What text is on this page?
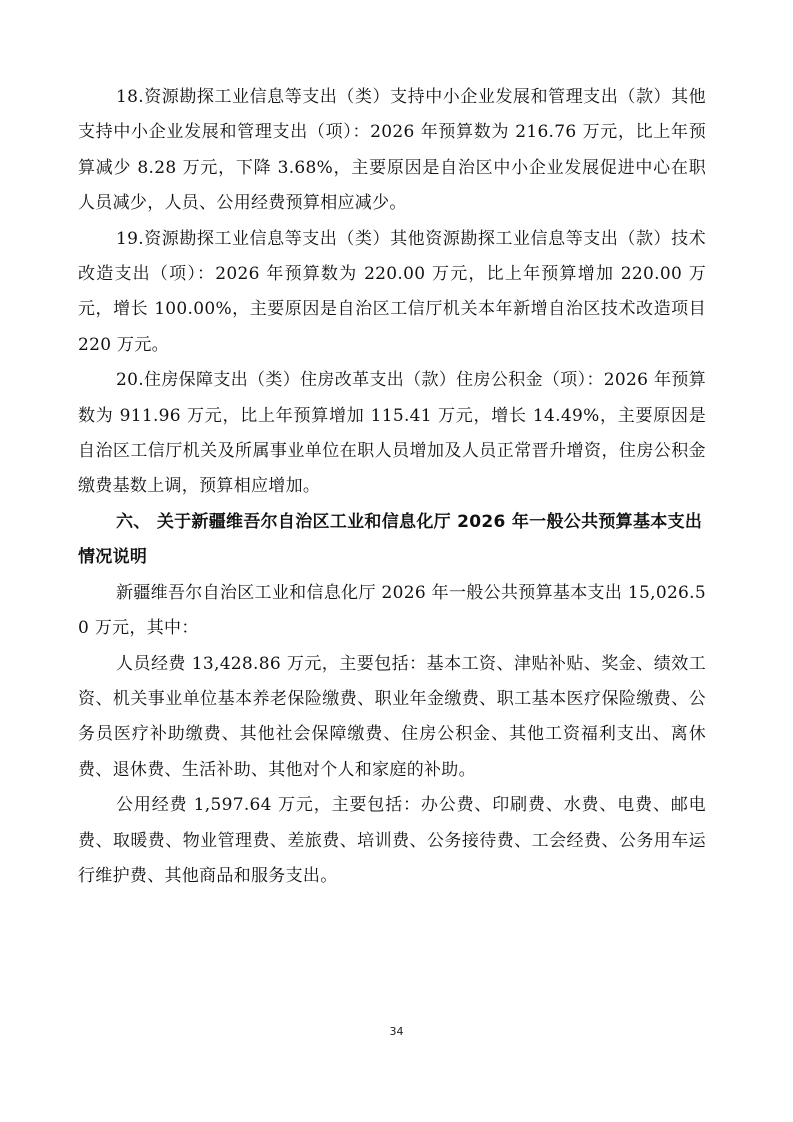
18.资源勘探工业信息等支出（类）支持中小企业发展和管理支出（款）其他支持中小企业发展和管理支出（项）：2026 年预算数为 216.76 万元，比上年预算减少 8.28 万元，下降 3.68%，主要原因是自治区中小企业发展促进中心在职人员减少，人员、公用经费预算相应减少。

19.资源勘探工业信息等支出（类）其他资源勘探工业信息等支出（款）技术改造支出（项）：2026 年预算数为 220.00 万元，比上年预算增加 220.00 万元，增长 100.00%，主要原因是自治区工信厅机关本年新增自治区技术改造项目 220 万元。

20.住房保障支出（类）住房改革支出（款）住房公积金（项）：2026 年预算数为 911.96 万元，比上年预算增加 115.41 万元，增长 14.49%，主要原因是自治区工信厅机关及所属事业单位在职人员增加及人员正常晋升增资，住房公积金缴费基数上调，预算相应增加。

六、 关于新疆维吾尔自治区工业和信息化厅 2026 年一般公共预算基本支出情况说明

新疆维吾尔自治区工业和信息化厅 2026 年一般公共预算基本支出 15,026.50 万元，其中：

人员经费 13,428.86 万元，主要包括：基本工资、津贴补贴、奖金、绩效工资、机关事业单位基本养老保险缴费、职业年金缴费、职工基本医疗保险缴费、公务员医疗补助缴费、其他社会保障缴费、住房公积金、其他工资福利支出、离休费、退休费、生活补助、其他对个人和家庭的补助。

公用经费 1,597.64 万元，主要包括：办公费、印刷费、水费、电费、邮电费、取暖费、物业管理费、差旅费、培训费、公务接待费、工会经费、公务用车运行维护费、其他商品和服务支出。

34
